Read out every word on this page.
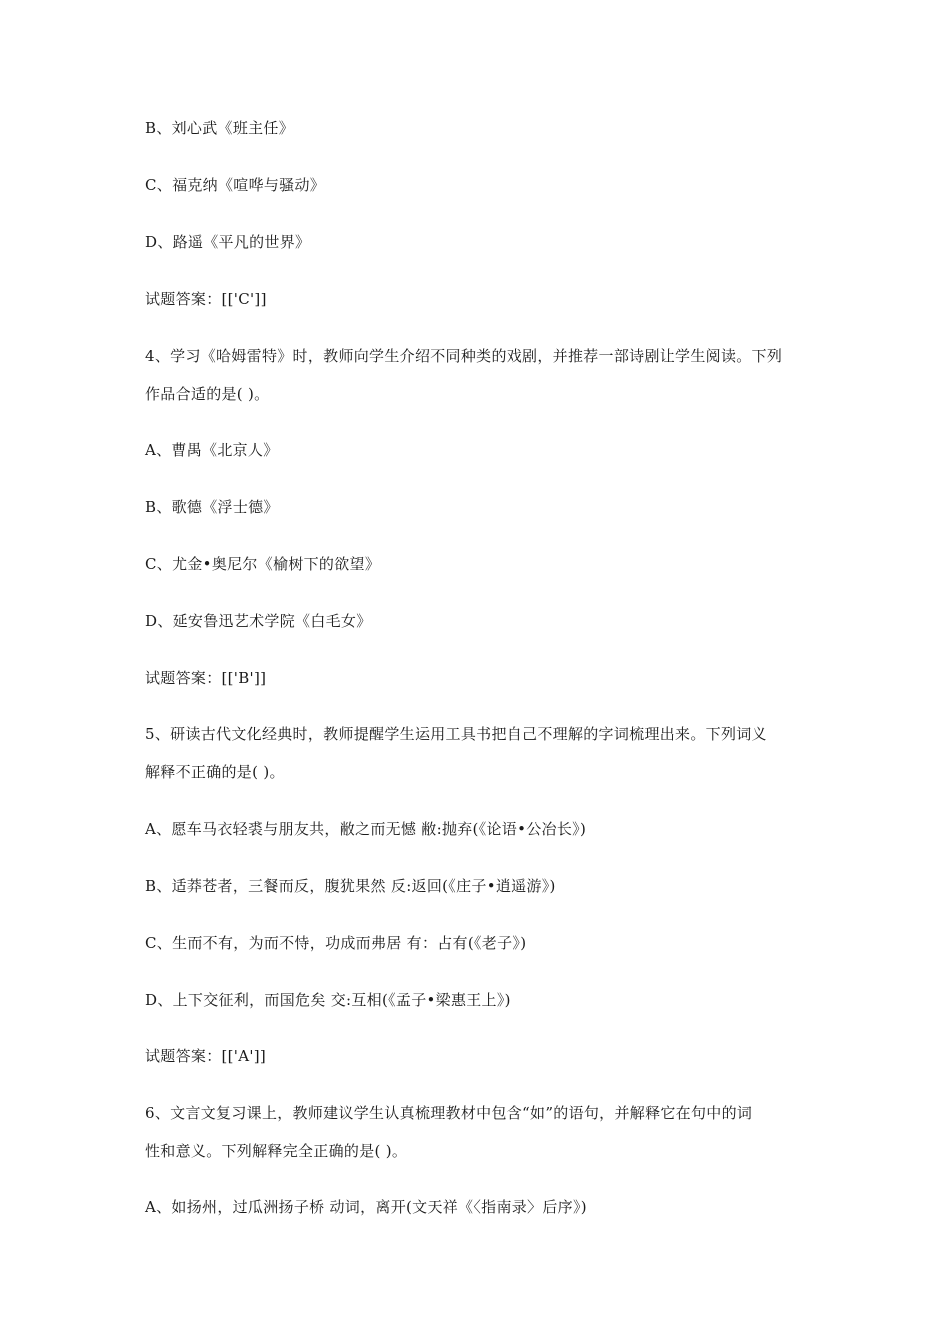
B、刘心武《班主任》
C、福克纳《喧哗与骚动》
D、路遥《平凡的世界》
试题答案：[['C']]
4、学习《哈姆雷特》时，教师向学生介绍不同种类的戏剧，并推荐一部诗剧让学生阅读。下列
作品合适的是( )。
A、曹禺《北京人》
B、歌德《浮士德》
C、尤金•奥尼尔《榆树下的欲望》
D、延安鲁迅艺术学院《白毛女》
试题答案：[['B']]
5、研读古代文化经典时，教师提醒学生运用工具书把自己不理解的字词梳理出来。下列词义
解释不正确的是( )。
A、愿车马衣轻裘与朋友共，敝之而无憾 敝:抛弃(《论语•公冶长》)
B、适莽苍者，三餐而反，腹犹果然 反:返回(《庄子•逍遥游》)
C、生而不有，为而不恃，功成而弗居 有：占有(《老子》)
D、上下交征利，而国危矣 交:互相(《孟子•梁惠王上》)
试题答案：[['A']]
6、文言文复习课上，教师建议学生认真梳理教材中包含“如”的语句，并解释它在句中的词
性和意义。下列解释完全正确的是( )。
A、如扬州，过瓜洲扬子桥 动词，离开(文天祥《〈指南录〉后序》)
